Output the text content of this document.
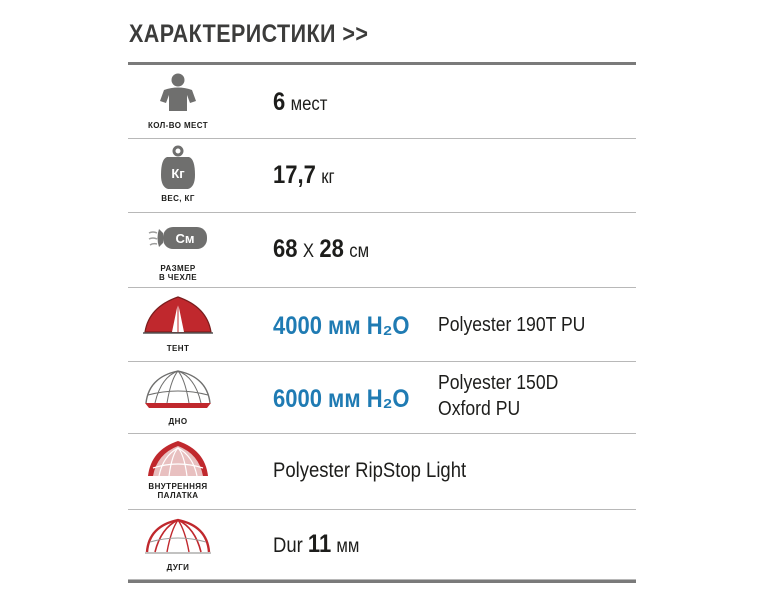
ХАРАКТЕРИСТИКИ >>
КОЛ-ВО МЕСТ
6 мест
Кг
ВЕС, КГ
17,7 кг
См
РАЗМЕР
В ЧЕХЛЕ
68 X 28 см
ТЕНТ
4000 мм H₂O Polyester 190T PU
ДНО
6000 мм H₂O
Polyester 150D
Oxford PU
ВНУТРЕННЯЯ
ПАЛАТКА
Polyester RipStop Light
ДУГИ
Dur 11 мм
